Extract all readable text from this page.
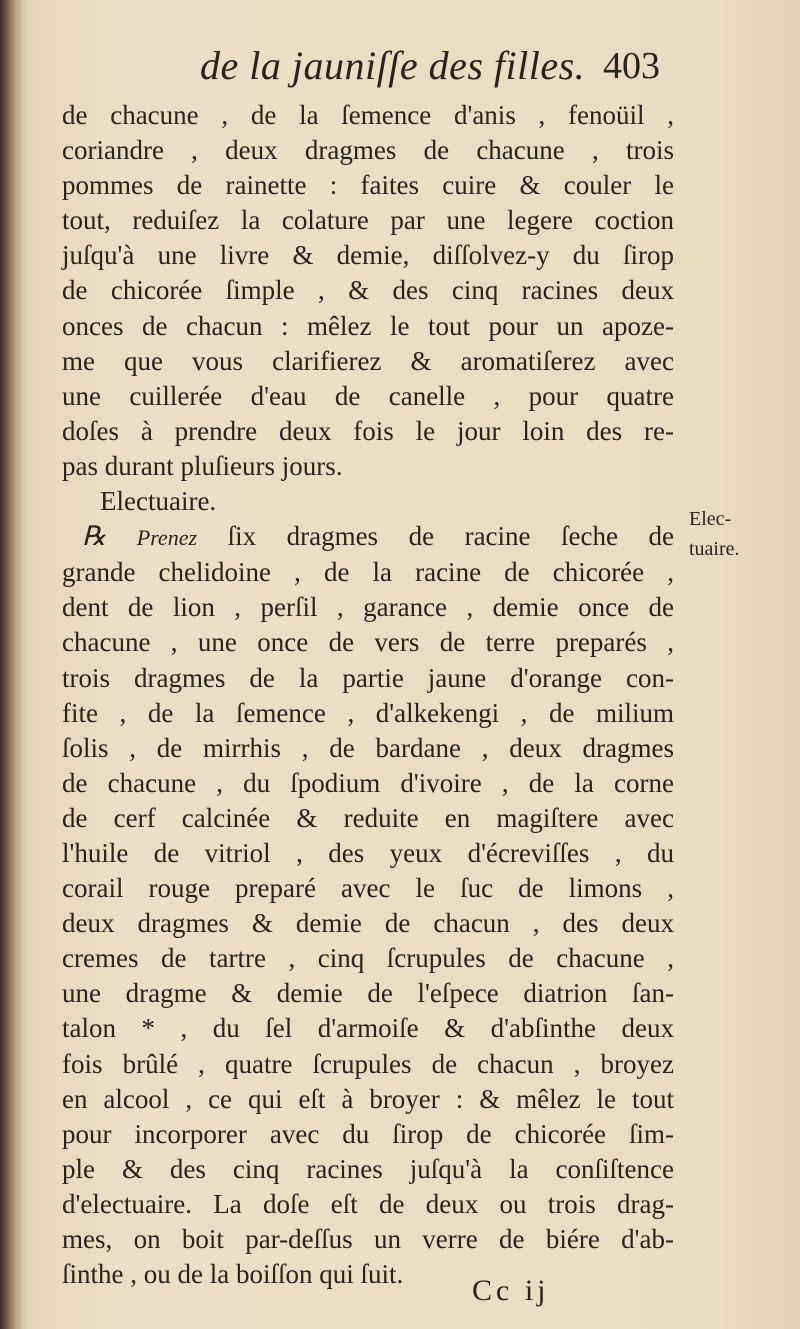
de la jauniſſe des filles. 403
de chacune , de la ſemence d'anis , fenoüil ,
coriandre , deux dragmes de chacune , trois
pommes de rainette : faites cuire & couler le
tout, reduiſez la colature par une legere coction
juſqu'à une livre & demie, diſſolvez-y du ſirop
de chicorée ſimple , & des cinq racines deux
onces de chacun : mêlez le tout pour un apoze-
me que vous clarifierez & aromatiſerez avec
une cuillerée d'eau de canelle , pour quatre
doſes à prendre deux fois le jour loin des re-
pas durant pluſieurs jours.
Electuaire.
℞ Prenez ſix dragmes de racine ſeche de
grande chelidoine , de la racine de chicorée ,
dent de lion , perſil , garance , demie once de
chacune , une once de vers de terre preparés ,
trois dragmes de la partie jaune d'orange con-
fite , de la ſemence , d'alkekengi , de milium
ſolis , de mirrhis , de bardane , deux dragmes
de chacune , du ſpodium d'ivoire , de la corne
de cerf calcinée & reduite en magiſtere avec
l'huile de vitriol , des yeux d'écreviſſes , du
corail rouge preparé avec le ſuc de limons ,
deux dragmes & demie de chacun , des deux
cremes de tartre , cinq ſcrupules de chacune ,
une dragme & demie de l'eſpece diatrion ſan-
talon * , du ſel d'armoiſe & d'abſinthe deux
fois brûlé , quatre ſcrupules de chacun , broyez
en alcool , ce qui eſt à broyer : & mêlez le tout
pour incorporer avec du ſirop de chicorée ſim-
ple & des cinq racines juſqu'à la conſiſtence
d'electuaire. La doſe eſt de deux ou trois drag-
mes, on boit par-deſſus un verre de biére d'ab-
ſinthe , ou de la boiſſon qui ſuit.
Elec-
tuaire.
Cc ij
